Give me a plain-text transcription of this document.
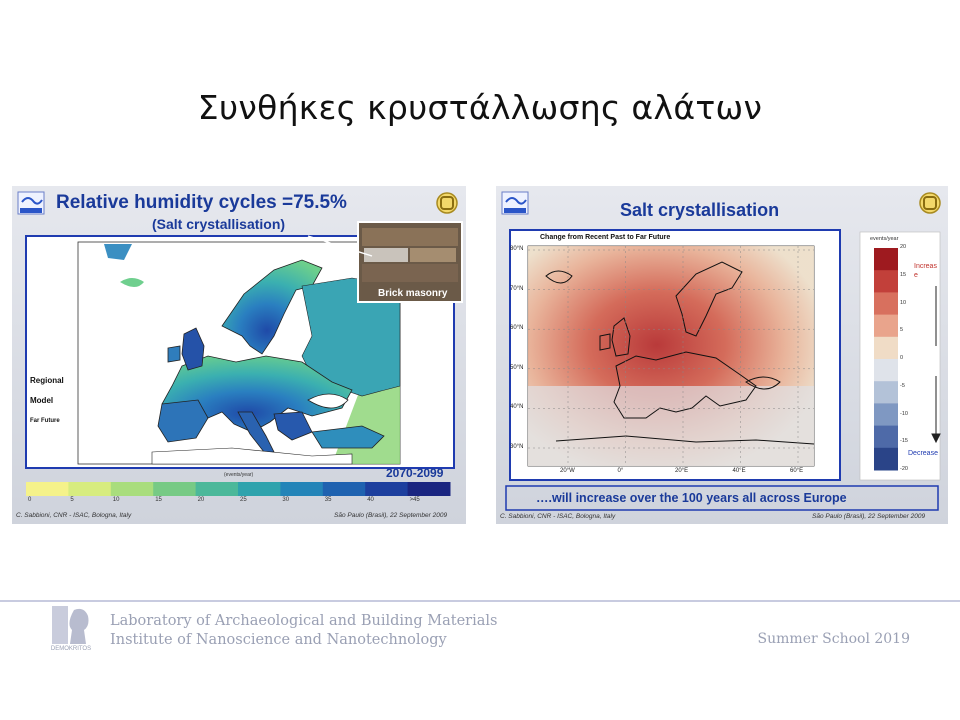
Συνθήκες κρυστάλλωσης αλάτων
Relative humidity cycles =75.5%
(Salt crystallisation)
Brick masonry
Regional
Model
Far Future
2070-2099
(events/year)
C. Sabbioni, CNR - ISAC, Bologna, Italy	São Paulo (Brasil), 22 September 2009
0	5	10	15	20	25	30	35	40	>45
Salt crystallisation
Change from Recent Past to Far Future	events/year
Increase
Decrease
….will increase over the 100 years all across Europe
C. Sabbioni, CNR - ISAC, Bologna, Italy	São Paulo (Brasil), 22 September 2009
80°N
70°N
60°N
50°N
40°N
30°N
20°W	0°	20°E	40°E	60°E
20
15
10
5
0
-5
-10
-15
-20
DEMOKRITOS
Laboratory of Archaeological and Building Materials
Institute of Nanoscience and Nanotechnology	Summer School 2019
